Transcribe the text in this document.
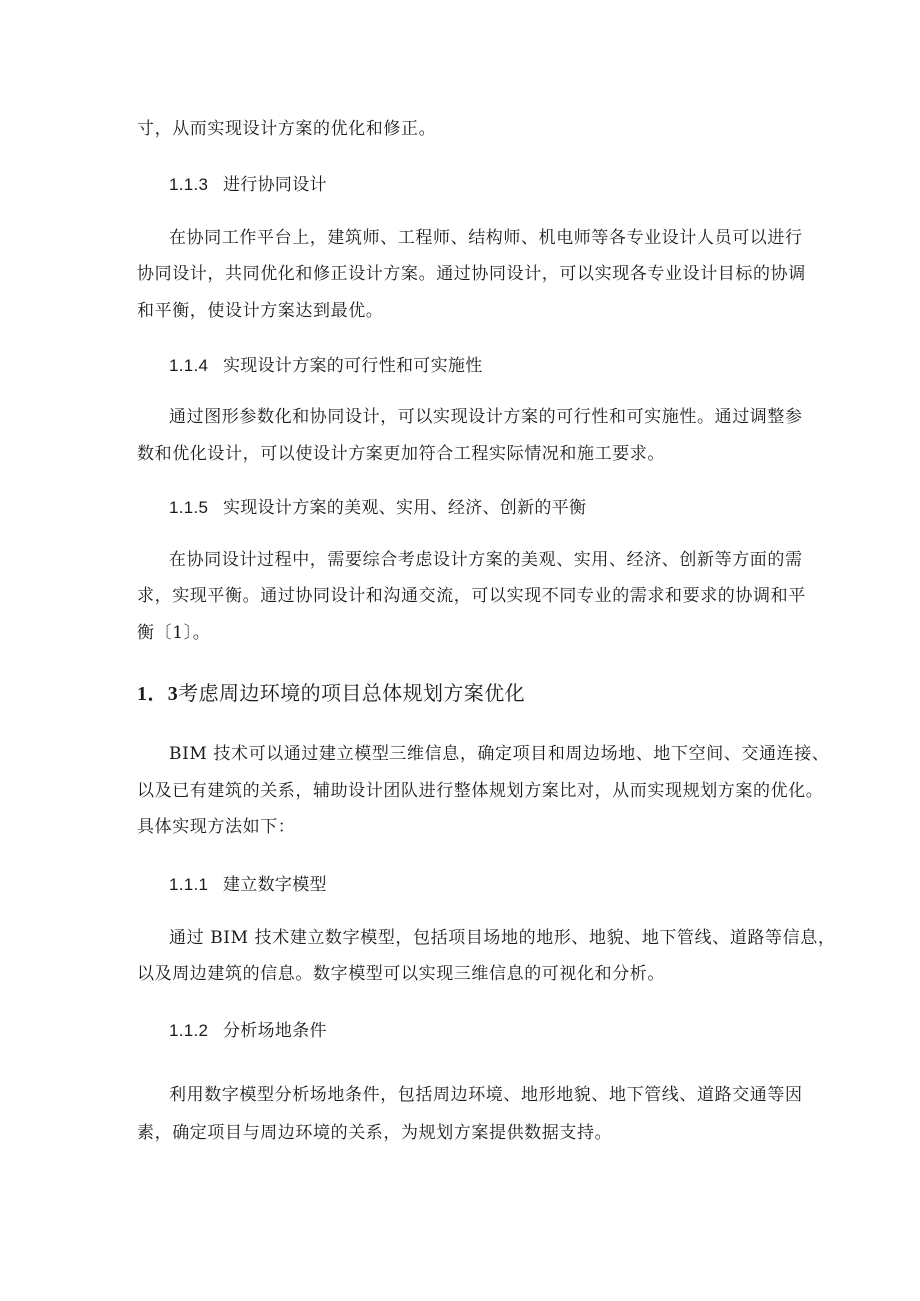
寸，从而实现设计方案的优化和修正。
1.1.3 进行协同设计
在协同工作平台上，建筑师、工程师、结构师、机电师等各专业设计人员可以进行
协同设计，共同优化和修正设计方案。通过协同设计，可以实现各专业设计目标的协调
和平衡，使设计方案达到最优。
1.1.4 实现设计方案的可行性和可实施性
通过图形参数化和协同设计，可以实现设计方案的可行性和可实施性。通过调整参
数和优化设计，可以使设计方案更加符合工程实际情况和施工要求。
1.1.5 实现设计方案的美观、实用、经济、创新的平衡
在协同设计过程中，需要综合考虑设计方案的美观、实用、经济、创新等方面的需
求，实现平衡。通过协同设计和沟通交流，可以实现不同专业的需求和要求的协调和平
衡〔1〕。
1．3考虑周边环境的项目总体规划方案优化
BIM 技术可以通过建立模型三维信息，确定项目和周边场地、地下空间、交通连接、
以及已有建筑的关系，辅助设计团队进行整体规划方案比对，从而实现规划方案的优化。
具体实现方法如下：
1.1.1 建立数字模型
通过 BIM 技术建立数字模型，包括项目场地的地形、地貌、地下管线、道路等信息，
以及周边建筑的信息。数字模型可以实现三维信息的可视化和分析。
1.1.2 分析场地条件
利用数字模型分析场地条件，包括周边环境、地形地貌、地下管线、道路交通等因
素，确定项目与周边环境的关系，为规划方案提供数据支持。
